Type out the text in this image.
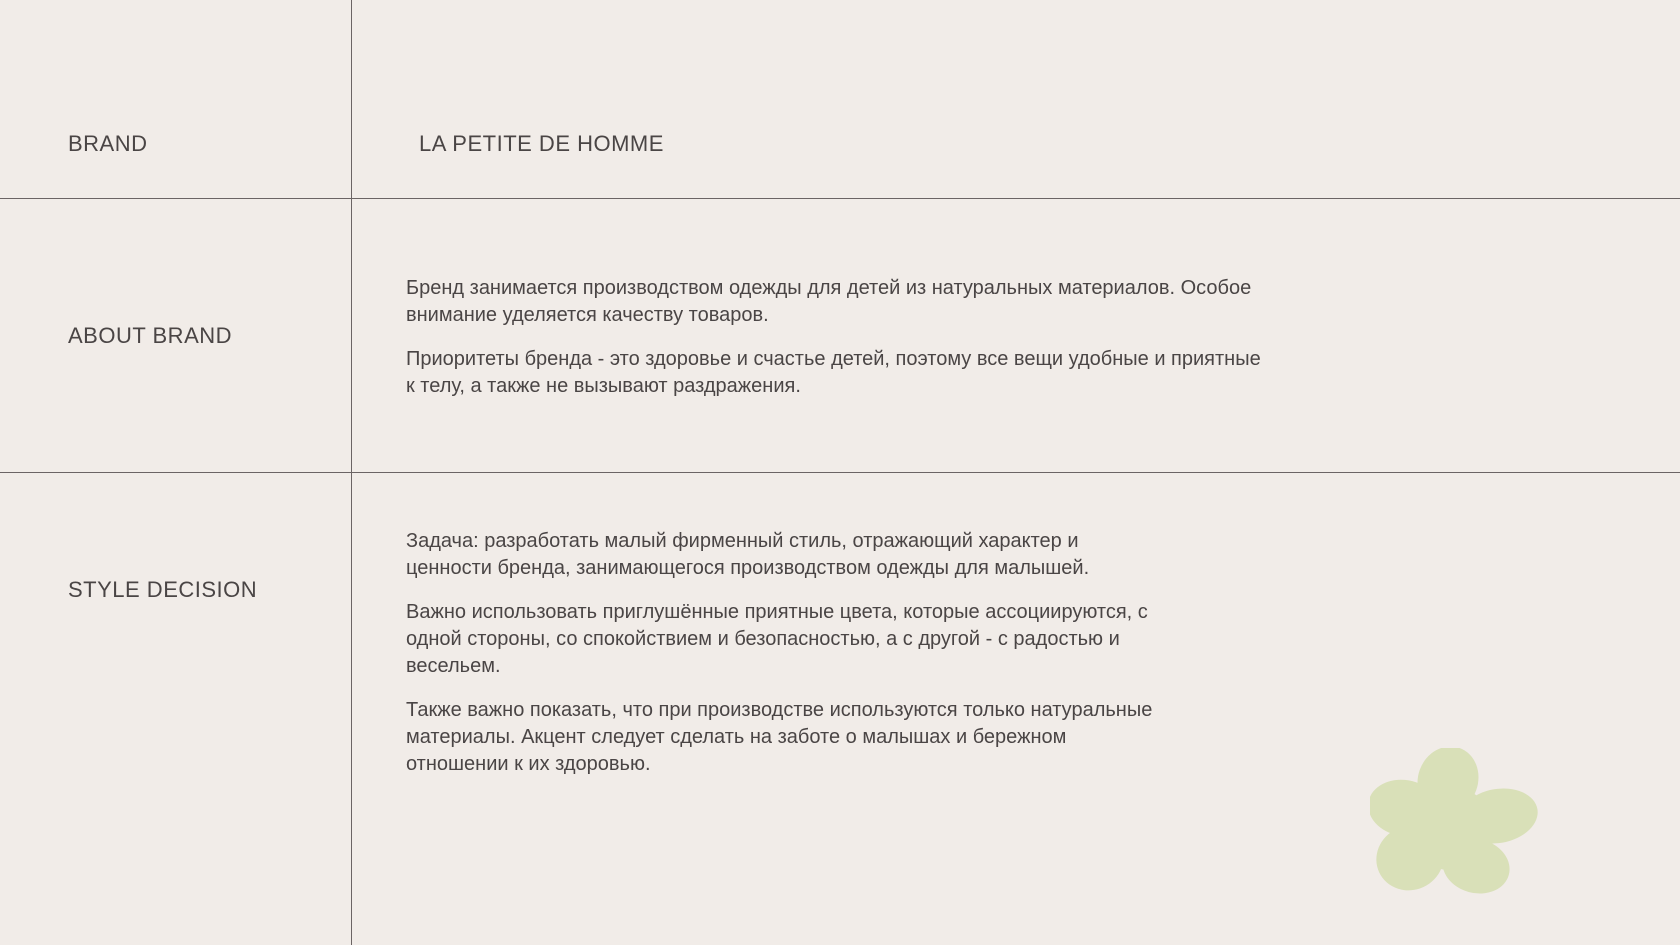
BRAND	LA PETITE DE HOMME
ABOUT BRAND

Бренд занимается производством одежды для детей из натуральных материалов. Особое внимание уделяется качеству товаров.

Приоритеты бренда - это здоровье и счастье детей, поэтому все вещи удобные и приятные к телу, а также не вызывают раздражения.

STYLE DECISION

Задача: разработать малый фирменный стиль, отражающий характер и ценности бренда, занимающегося производством одежды для малышей.

Важно использовать приглушённые приятные цвета, которые ассоциируются, с одной стороны, со спокойствием и безопасностью, а с другой - с радостью и весельем.

Также важно показать, что при производстве используются только натуральные материалы. Акцент следует сделать на заботе о малышах и бережном отношении к их здоровью.
